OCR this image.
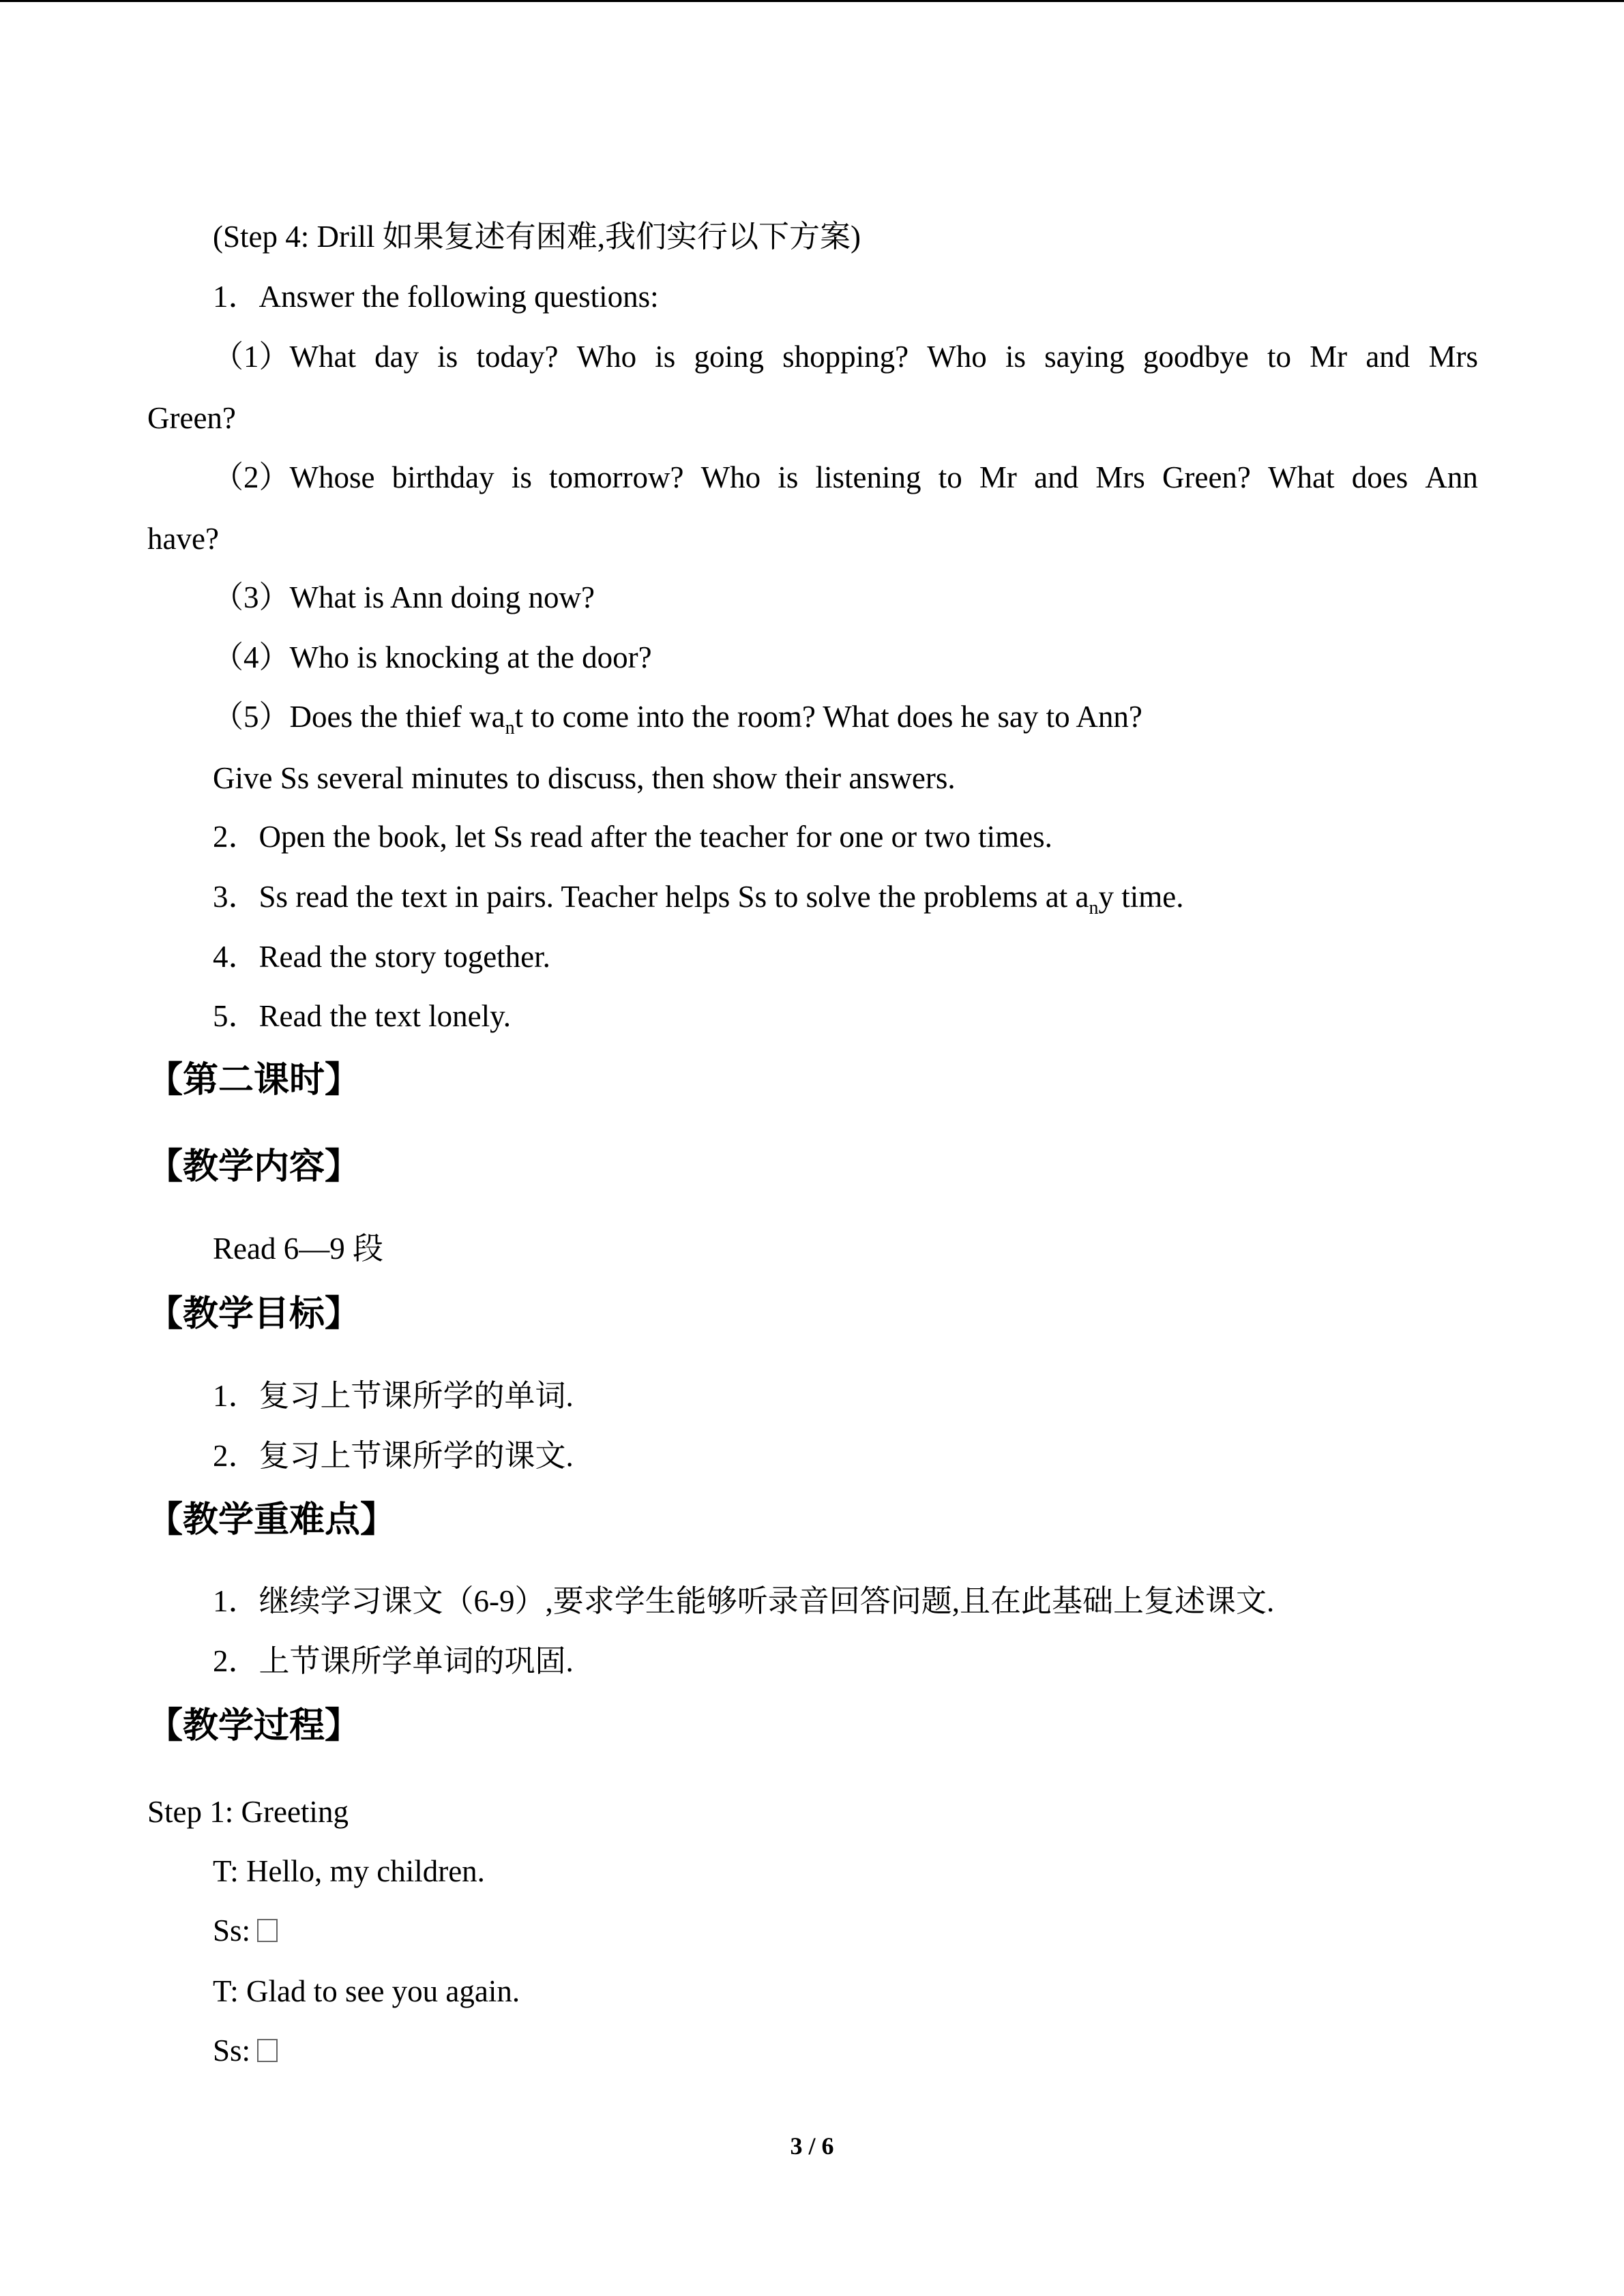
(Step 4: Drill 如果复述有困难,我们实行以下方案)
1．Answer the following questions:
（1）What day is today? Who is going shopping? Who is saying goodbye to Mr and Mrs
Green?
（2）Whose birthday is tomorrow? Who is listening to Mr and Mrs Green? What does Ann
have?
（3）What is Ann doing now?
（4）Who is knocking at the door?
（5）Does the thief $wa_nt$ to come into the room? What does he say to Ann?
Give Ss several minutes to discuss, then show their answers.
2．Open the book, let Ss read after the teacher for one or two times.
3．Ss read the text in pairs. Teacher helps Ss to solve the problems at $a_ny$ time.
4．Read the story together.
5．Read the text lonely.
【第二课时】
【教学内容】
Read 6—9 段
【教学目标】
1．复习上节课所学的单词.
2．复习上节课所学的课文.
【教学重难点】
1．继续学习课文（6-9）,要求学生能够听录音回答问题,且在此基础上复述课文.
2．上节课所学单词的巩固.
【教学过程】
Step 1: Greeting
T: Hello, my children.
Ss:
T: Glad to see you again.
Ss:
3 / 6
